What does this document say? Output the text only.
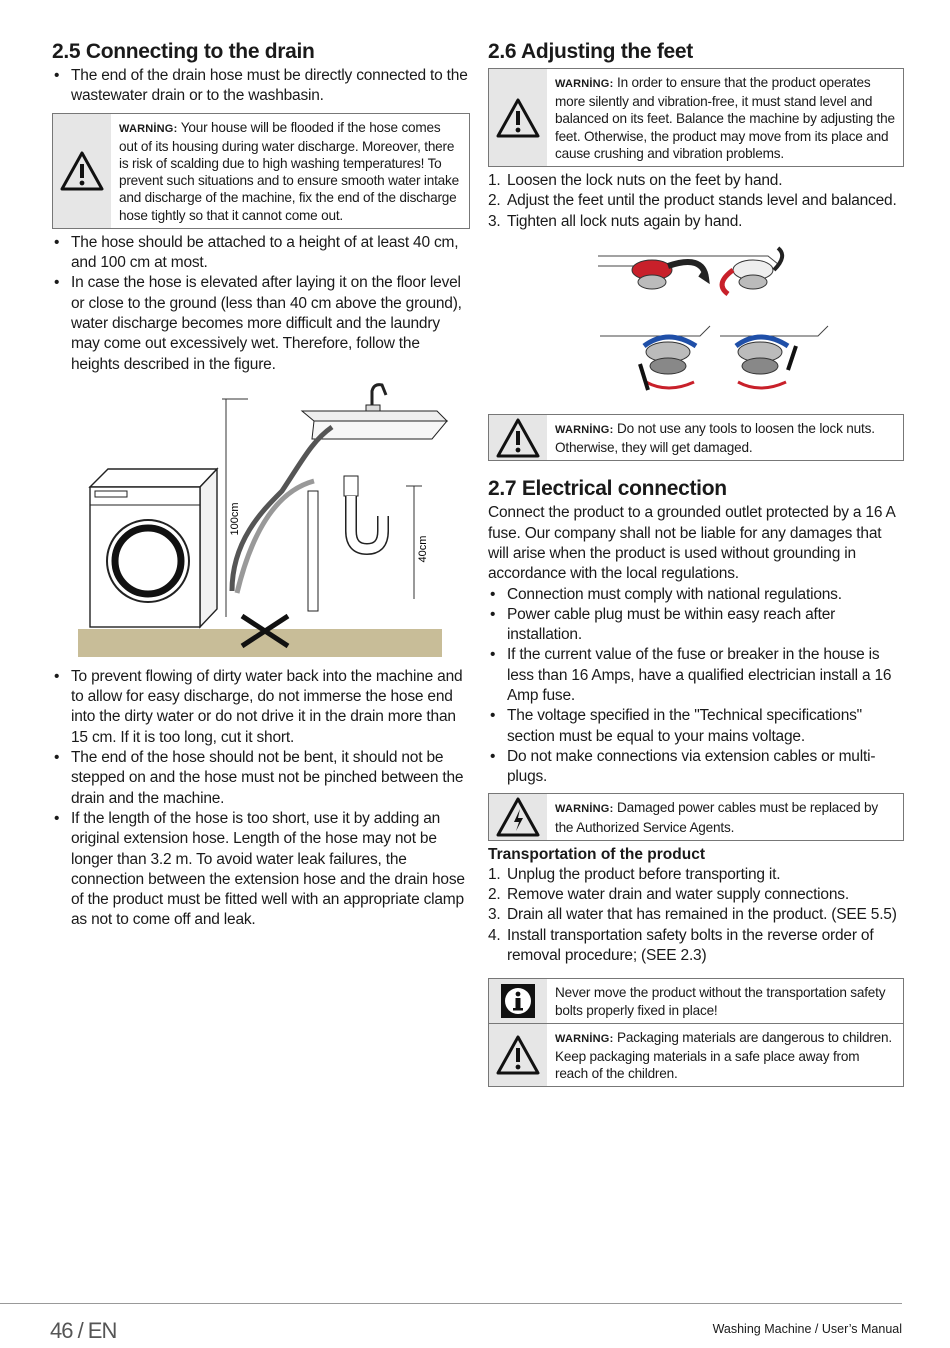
2.5 Connecting to the drain
• The end of the drain hose must be directly connected to the wastewater drain or to the washbasin.
WARNİNG: Your house will be flooded if the hose comes out of its housing during water discharge. Moreover, there is risk of scalding due to high washing temperatures! To prevent such situations and to ensure smooth water intake and discharge of the machine, fix the end of the discharge hose tightly so that it cannot come out.
• The hose should be attached to a height of at least 40 cm, and 100 cm at most.
• In case the hose is elevated after laying it on the floor level or close to the ground (less than 40 cm above the ground), water discharge becomes more difficult and the laundry may come out excessively wet. Therefore, follow the heights described in the figure.
100cm
40cm
• To prevent flowing of dirty water back into the machine and to allow for easy discharge, do not immerse the hose end into the dirty water or do not drive it in the drain more than 15 cm. If it is too long, cut it short.
• The end of the hose should not be bent, it should not be stepped on and the hose must not be pinched between the drain and the machine.
• If the length of the hose is too short, use it by adding an original extension hose. Length of the hose may not be longer than 3.2 m. To avoid water leak failures, the connection between the extension hose and the drain hose of the product must be fitted well with an appropriate clamp as not to come off and leak.
2.6 Adjusting the feet
WARNİNG: In order to ensure that the product operates more silently and vibration-free, it must stand level and balanced on its feet. Balance the machine by adjusting the feet. Otherwise, the product may move from its place and cause crushing and vibration problems.
1. Loosen the lock nuts on the feet by hand.
2. Adjust the feet until the product stands level and balanced.
3. Tighten all lock nuts again by hand.
WARNİNG: Do not use any tools to loosen the lock nuts. Otherwise, they will get damaged.
2.7 Electrical connection
Connect the product to a grounded outlet protected by a 16 A fuse. Our company shall not be liable for any damages that will arise when the product is used without grounding in accordance with the local regulations.
• Connection must comply with national regulations.
• Power cable plug must be within easy reach after installation.
• If the current value of the fuse or breaker in the house is less than 16 Amps, have a qualified electrician install a 16 Amp fuse.
• The voltage specified in the "Technical specifications" section must be equal to your mains voltage.
• Do not make connections via extension cables or multi-plugs.
WARNİNG: Damaged power cables must be replaced by the Authorized Service Agents.
Transportation of the product
1. Unplug the product before transporting it.
2. Remove water drain and water supply connections.
3. Drain all water that has remained in the product. (SEE 5.5)
4. Install transportation safety bolts in the reverse order of removal procedure; (SEE 2.3)
Never move the product without the transportation safety bolts properly fixed in place!
WARNİNG: Packaging materials are dangerous to children. Keep packaging materials in a safe place away from reach of the children.
46 / EN	Washing Machine / User’s Manual
